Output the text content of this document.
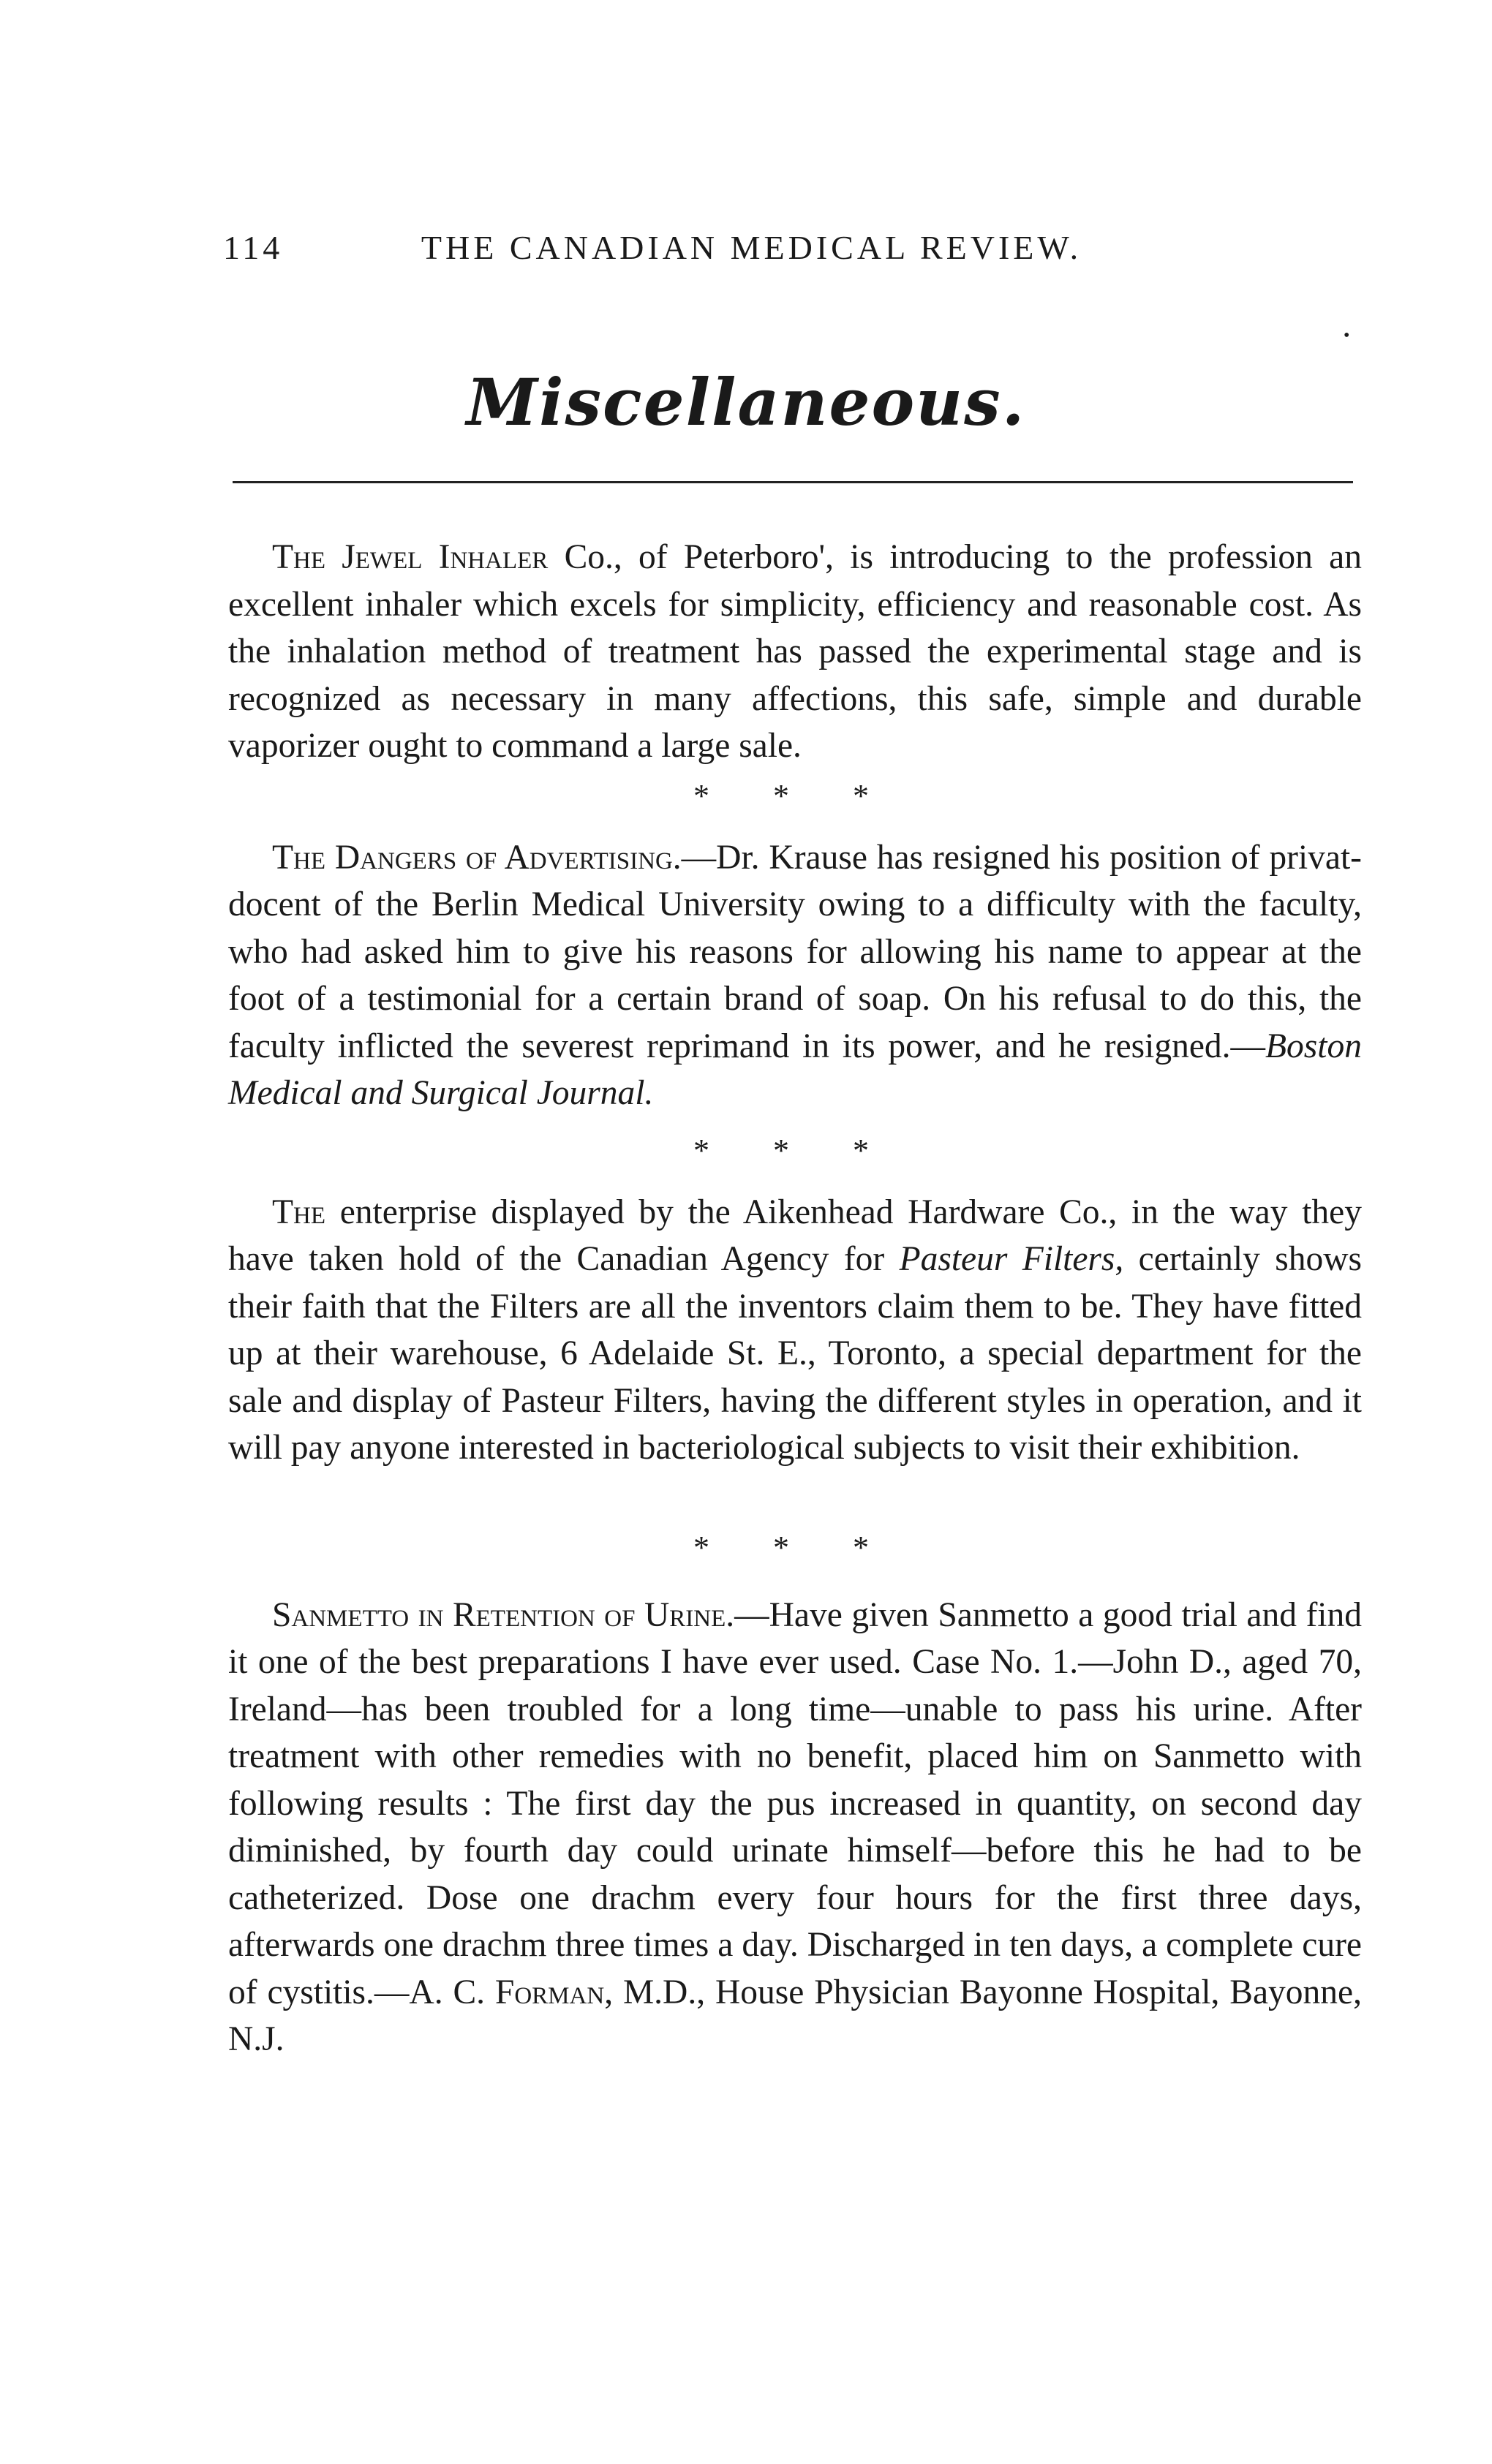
114	THE CANADIAN MEDICAL REVIEW.
•
Miscellaneous.

The Jewel Inhaler Co., of Peterboro', is introducing to the profession an excellent inhaler which excels for simplicity, efficiency and reasonable cost. As the inhalation method of treatment has passed the experimental stage and is recognized as necessary in many affections, this safe, simple and durable vaporizer ought to command a large sale.

* * *

The Dangers of Advertising.—Dr. Krause has resigned his position of privat-docent of the Berlin Medical University owing to a difficulty with the faculty, who had asked him to give his reasons for allowing his name to appear at the foot of a testimonial for a certain brand of soap. On his refusal to do this, the faculty inflicted the severest reprimand in its power, and he resigned.—Boston Medical and Surgical Journal.

* * *

The enterprise displayed by the Aikenhead Hardware Co., in the way they have taken hold of the Canadian Agency for Pasteur Filters, certainly shows their faith that the Filters are all the inventors claim them to be. They have fitted up at their warehouse, 6 Adelaide St. E., Toronto, a special department for the sale and display of Pasteur Filters, having the different styles in operation, and it will pay anyone interested in bacteriological subjects to visit their exhibition.

* * *

Sanmetto in Retention of Urine.—Have given Sanmetto a good trial and find it one of the best preparations I have ever used. Case No. 1.—John D., aged 70, Ireland—has been troubled for a long time—unable to pass his urine. After treatment with other remedies with no benefit, placed him on Sanmetto with following results : The first day the pus increased in quantity, on second day diminished, by fourth day could urinate himself—before this he had to be catheterized. Dose one drachm every four hours for the first three days, afterwards one drachm three times a day. Discharged in ten days, a complete cure of cystitis.—A. C. Forman, M.D., House Physician Bayonne Hospital, Bayonne, N.J.
